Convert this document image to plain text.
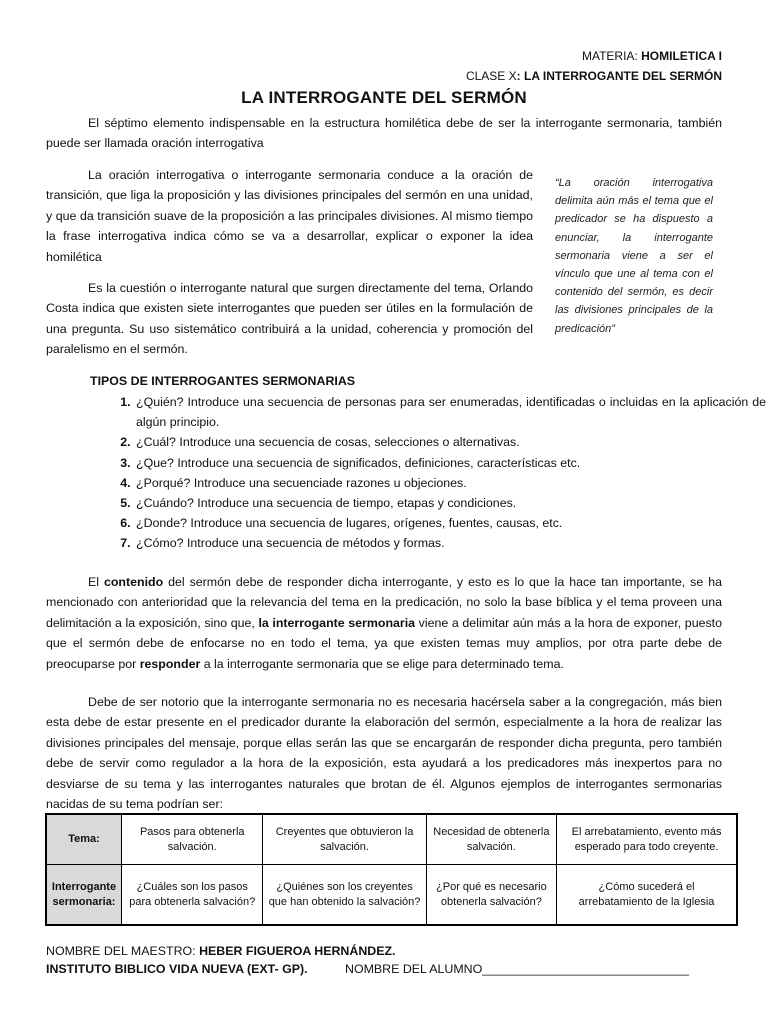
MATERIA: HOMILETICA I
CLASE X: LA INTERROGANTE DEL SERMÓN
LA INTERROGANTE DEL SERMÓN

El séptimo elemento indispensable en la estructura homilética debe de ser la interrogante sermonaria, también puede ser llamada oración interrogativa

La oración interrogativa o interrogante sermonaria conduce a la oración de transición, que liga la proposición y las divisiones principales del sermón en una unidad, y que da transición suave de la proposición a las principales divisiones. Al mismo tiempo la frase interrogativa indica cómo se va a desarrollar, explicar o exponer la idea homilética

Es la cuestión o interrogante natural que surgen directamente del tema, Orlando Costa indica que existen siete interrogantes que pueden ser útiles en la formulación de una pregunta. Su uso sistemático contribuirá a la unidad, coherencia y promoción del paralelismo en el sermón.

“La oración interrogativa delimita aún más el tema que el predicador se ha dispuesto a enunciar, la interrogante sermonaria viene a ser el vínculo que une al tema con el contenido del sermón, es decir las divisiones principales de la predicación”
TIPOS DE INTERROGANTES SERMONARIAS
1. ¿Quién? Introduce una secuencia de personas para ser enumeradas, identificadas o incluidas en la aplicación de algún principio.
2. ¿Cuál? Introduce una secuencia de cosas, selecciones o alternativas.
3. ¿Que? Introduce una secuencia de significados, definiciones, características etc.
4. ¿Porqué? Introduce una secuenciade razones u objeciones.
5. ¿Cuándo? Introduce una secuencia de tiempo, etapas y condiciones.
6. ¿Donde? Introduce una secuencia de lugares, orígenes, fuentes, causas, etc.
7. ¿Cómo? Introduce una secuencia de métodos y formas.

El contenido del sermón debe de responder dicha interrogante, y esto es lo que la hace tan importante, se ha mencionado con anterioridad que la relevancia del tema en la predicación, no solo la base bíblica y el tema proveen una delimitación a la exposición, sino que, la interrogante sermonaria viene a delimitar aún más a la hora de exponer, puesto que el sermón debe de enfocarse no en todo el tema, ya que existen temas muy amplios, por otra parte debe de preocuparse por responder a la interrogante sermonaria que se elige para determinado tema.

Debe de ser notorio que la interrogante sermonaria no es necesaria hacérsela saber a la congregación, más bien esta debe de estar presente en el predicador durante la elaboración del sermón, especialmente a la hora de realizar las divisiones principales del mensaje, porque ellas serán las que se encargarán de responder dicha pregunta, pero también debe de servir como regulador a la hora de la exposición, esta ayudará a los predicadores más inexpertos para no desviarse de su tema y las interrogantes naturales que brotan de él. Algunos ejemplos de interrogantes sermonarias nacidas de su tema podrían ser:

Tema:	Pasos para obtenerla salvación.	Creyentes que obtuvieron la salvación.	Necesidad de obtenerla salvación.	El arrebatamiento, evento más esperado para todo creyente.
Interrogante sermonaria:	¿Cuáles son los pasos para obtenerla salvación?	¿Quiénes son los creyentes que han obtenido la salvación?	¿Por qué es necesario obtenerla salvación?	¿Cómo sucederá el arrebatamiento de la Iglesia
NOMBRE DEL MAESTRO: HEBER FIGUEROA HERNÁNDEZ.
INSTITUTO BIBLICO VIDA NUEVA (EXT- GP).	NOMBRE DEL ALUMNO______________________________
